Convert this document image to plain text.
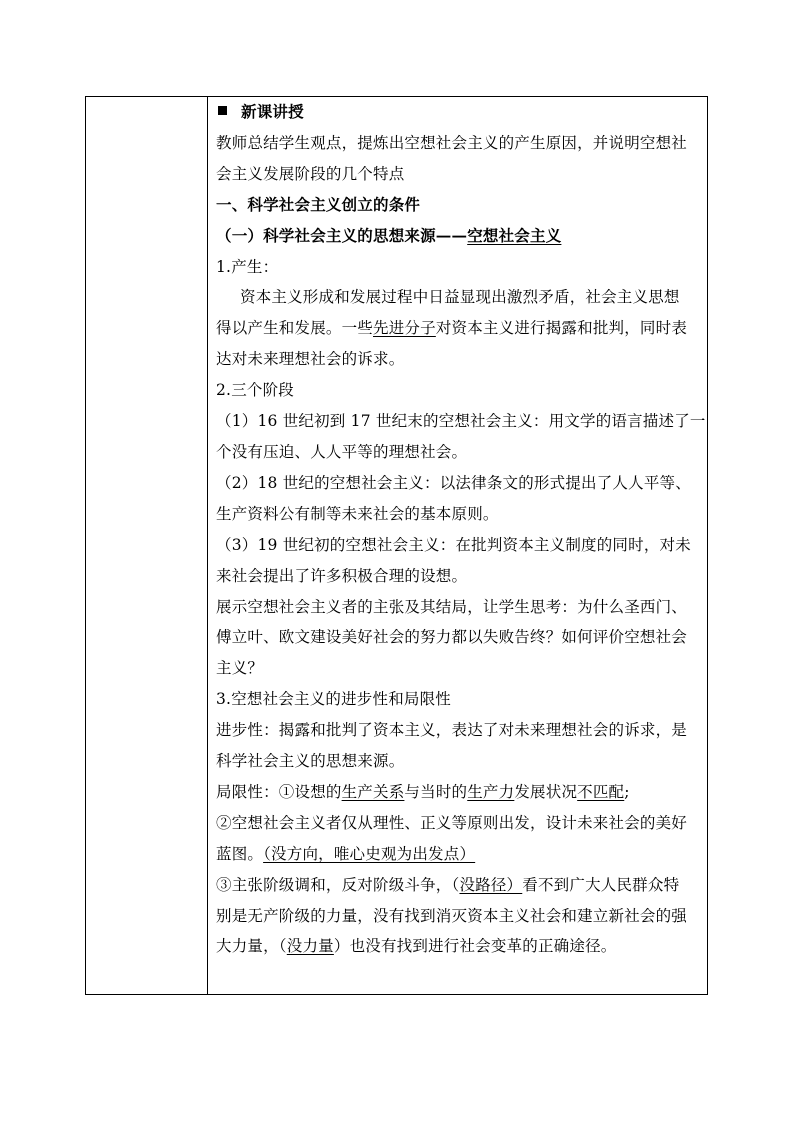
新课讲授
教师总结学生观点，提炼出空想社会主义的产生原因，并说明空想社
会主义发展阶段的几个特点
一、科学社会主义创立的条件
（一）科学社会主义的思想来源——空想社会主义
1.产生：
资本主义形成和发展过程中日益显现出激烈矛盾，社会主义思想
得以产生和发展。一些先进分子对资本主义进行揭露和批判，同时表
达对未来理想社会的诉求。
2.三个阶段
（1）16 世纪初到 17 世纪末的空想社会主义：用文学的语言描述了一
个没有压迫、人人平等的理想社会。
（2）18 世纪的空想社会主义：以法律条文的形式提出了人人平等、
生产资料公有制等未来社会的基本原则。
（3）19 世纪初的空想社会主义：在批判资本主义制度的同时，对未
来社会提出了许多积极合理的设想。
展示空想社会主义者的主张及其结局，让学生思考：为什么圣西门、
傅立叶、欧文建设美好社会的努力都以失败告终？如何评价空想社会
主义？
3.空想社会主义的进步性和局限性
进步性：揭露和批判了资本主义，表达了对未来理想社会的诉求，是
科学社会主义的思想来源。
局限性：①设想的生产关系与当时的生产力发展状况不匹配;
②空想社会主义者仅从理性、正义等原则出发，设计未来社会的美好
蓝图。（没方向，唯心史观为出发点）
③主张阶级调和，反对阶级斗争，（没路径）看不到广大人民群众特
别是无产阶级的力量，没有找到消灭资本主义社会和建立新社会的强
大力量，（没力量）也没有找到进行社会变革的正确途径。
